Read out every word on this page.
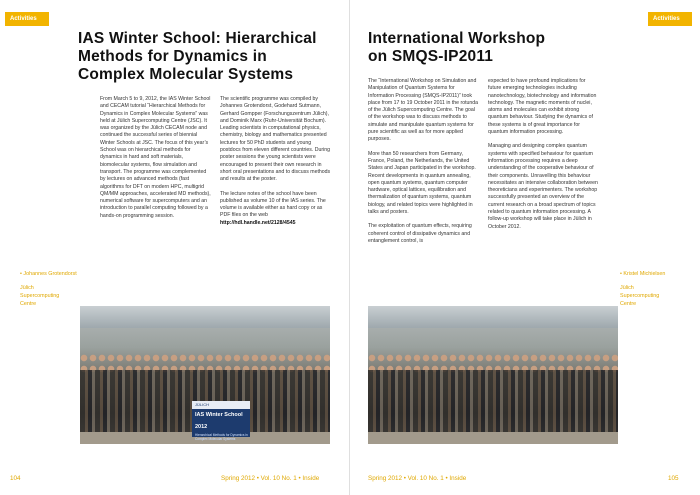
Activities
IAS Winter School: Hierarchical
Methods for Dynamics in
Complex Molecular Systems

From March 5 to 9, 2012, the IAS Winter School and CECAM tutorial “Hierarchical Methods for Dynamics in Complex Molecular Systems” was held at Jülich Supercomputing Centre (JSC). It was organized by the Jülich CECAM node and continued the successful series of biennial Winter Schools at JSC. The focus of this year’s School was on hierarchical methods for dynamics in hard and soft materials, biomolecular systems, flow simulation and transport. The programme was complemented by lectures on advanced methods (fast algorithms for DFT on modern HPC, multigrid QM/MM approaches, accelerated MD methods), numerical software for supercomputers and an introduction to parallel computing followed by a hands-on programming session.

The scientific programme was compiled by Johannes Grotendorst, Godehard Sutmann, Gerhard Gompper (Forschungszentrum Jülich), and Dominik Marx (Ruhr-Universität Bochum). Leading scientists in computational physics, chemistry, biology and mathematics presented lectures for 50 PhD students and young postdocs from eleven different countries. During poster sessions the young scientists were encouraged to present their own research in short oral presentations and to discuss methods and results at the poster.

The lecture notes of the school have been published as volume 10 of the IAS series. The volume is available either as hard copy or as PDF files on the web

http://hdl.handle.net/2128/4545
• Johannes Grotendorst
Jülich
Supercomputing
Centre
JÜLICH
IAS Winter School 2012
Hierarchical Methods for Dynamics in Complex Molecular Systems
104	Spring 2012 • Vol. 10 No. 1 • Inside
International Workshop
on SMQS-IP2011

The “International Workshop on Simulation and Manipulation of Quantum Systems for Information Processing (SMQS-IP2011)” took place from 17 to 19 October 2011 in the rotunda of the Jülich Supercomputing Centre. The goal of the workshop was to discuss methods to simulate and manipulate quantum systems for pure scientific as well as for more applied purposes.

More than 50 researchers from Germany, France, Poland, the Netherlands, the United States and Japan participated in the workshop. Recent developments in quantum annealing, open quantum systems, quantum computer hardware, optical lattices, equilibration and thermalization of quantum systems, quantum biology, and related topics were highlighted in talks and posters.

The exploitation of quantum effects, requiring coherent control of dissipative dynamics and entanglement control, is

expected to have profound implications for future emerging technologies including nanotechnology, biotechnology and information technology. The magnetic moments of nuclei, atoms and molecules can exhibit strong quantum behaviour. Studying the dynamics of these systems is of great importance for quantum information processing.

Managing and designing complex quantum systems with specified behaviour for quantum information processing requires a deep understanding of the cooperative behaviour of their components. Unravelling this behaviour necessitates an intensive collaboration between theoreticians and experimenters. The workshop successfully presented an overview of the current research on a broad spectrum of topics related to quantum information processing. A follow-up workshop will take place in Jülich in October 2012.

• Kristel Michielsen
Jülich
Supercomputing
Centre
Spring 2012 • Vol. 10 No. 1 • Inside	105
Activities
